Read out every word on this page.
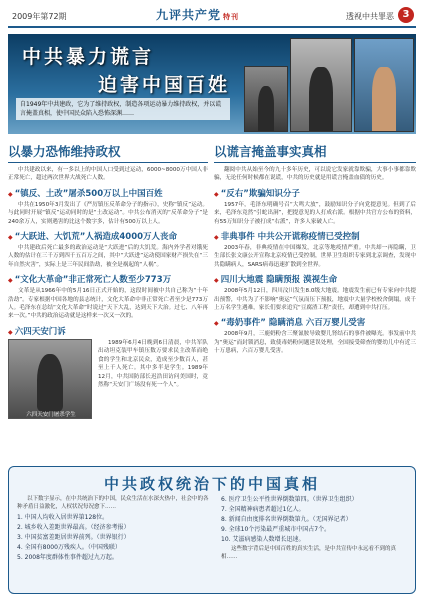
2009年第72期	九评共产党 特刊	透视中共罪恶 3
中共暴力谎言
迫害中国百姓
自1949年中共建政，它为了维持政权，制造各项运动暴力维持政权，并以谎言掩盖真相，使中国民众陷入恐怖深渊……
以暴力恐怖维持政权

中共建政以来，有一多以上的中国人口受到过运动，6000~8000万中国人非正常死亡，超过两次世界大战死亡人数。

◆ “镇反、土改”屠杀500万以上中国百姓

中共在1950年3月发出了《严厉镇压反革命分子的指示》，史称“镇反”运动。与此同时开展“镇反”运动同时的是“土改运动”。中共公布消灭的“反革命分子”是240余万人，实则遇害的比这个数字多，估计有500万以上人。

◆ “大跃进、大饥荒”人祸造成4000万人丧命

中共建政后死亡最多的政治运动是“大跃进”后的大饥荒。海内外学者对饿死人数的估计在三千万到四千五百万之间，其中“大跃进”运动使国家财产损失在“三年自然灾害”，实际上是三年民间浩劫，被全是祸起的“人祸”。

◆ “文化大革命”非正常死亡人数至少773万

文革是从1966年中的5月16日正式开始的，这段时间被中共自己称为“十年浩劫”。专家根据中国各地的县志统计，文化大革命中非正常死亡者至少是773万人。毛泽东在总结“文化大革命”时说过“天下大乱，达到天下大治。过七、八年再来一次。”中共的政治运动就是这样来一次又一次的。

◆ 六四天安门诉
六四天安门屠杀学生

1989年6月4日晚到6日清晨，中共军队出动坦克装甲车镇压数万要求民主改革而绝食的学生和北京民众，造成至少数百人，甚至上千人死亡。其中多半是学生。1989年12月，中共国防部长迟浩田访问美国时，竟然称“天安门广场没有死一个人”。

以谎言掩盖事实真相

翻阅中共从始至今的九十多年历史，可以说它发家就靠欺骗，大事小事都靠欺骗，无论任何时候都在说谎，中共的历史就是用谎言掩盖血债的历史。

◆ “反右”欺骗知识分子

1957年，毛泽东明确号召“大鸣大放”，鼓励知识分子向党提意见。但到了后来，毛泽东竟然“引蛇出洞”，把提意见的人打成右派。根据中共官方公布的资料，有55万知识分子被打成“右派”，许多人家破人亡。

◆ 非典事件 中共公开谎称疫情已受控制

2003年春，非典疫情在中国爆发，北京等地疫情严重。中共却一再隐瞒，卫生部长张文康公开宣称北京疫情已受控制，世界卫生组织专家到北京调查，发现中共隐瞒病人，SARS病毒迅速扩散到全世界。

◆ 四川大地震 隐瞒预报 漠视生命

2008年5月12日，四川汶川发生8.0级大地震。地震发生前已有专家向中共提出预警，中共为了不影响“奥运”气氛而压下预报，地震中大量学校校舍倒塌，成千上万名学生遇难，家长们要求追究“豆腐渣工程”责任，却遭到中共打压。

◆ “毒奶事件” 隐瞒消息 六百万婴儿受害

2008年9月，三鹿奶粉含三聚氰胺导致婴儿肾结石的事件被曝光。事发前中共为“奥运”而封锁消息，致使毒奶粉问题延误处理，全国接受筛查的婴幼儿中有近三十万患病，六百万婴儿受害。

中共政权统治下的中国真相

以下数字显示，在中共统治下的中国，民众生活在水深火热中，社会中的各种矛盾日益激化，人权状况每况愈下……

1. 中国人均收入居世界第128位。
2. 城乡收入差距世界最高。（经济参考报）
3. 中国贫富差距居世界前列。（世界银行）
4. 全国有8000万残疾人。（中国残联）
5. 2008年度群体性事件超过九万起。
6. 医疗卫生公平性世界倒数第四。（世界卫生组织）
7. 全国精神病患者超过1亿人。
8. 新闻自由度排名世界倒数第九。（无国界记者）
9. 全球10个污染最严重城市中国占7个。
10. 艾滋病感染人数增长迅速。

这些数字背后是中国百姓的真实生活，是中共宣传中永远看不到的真相……
